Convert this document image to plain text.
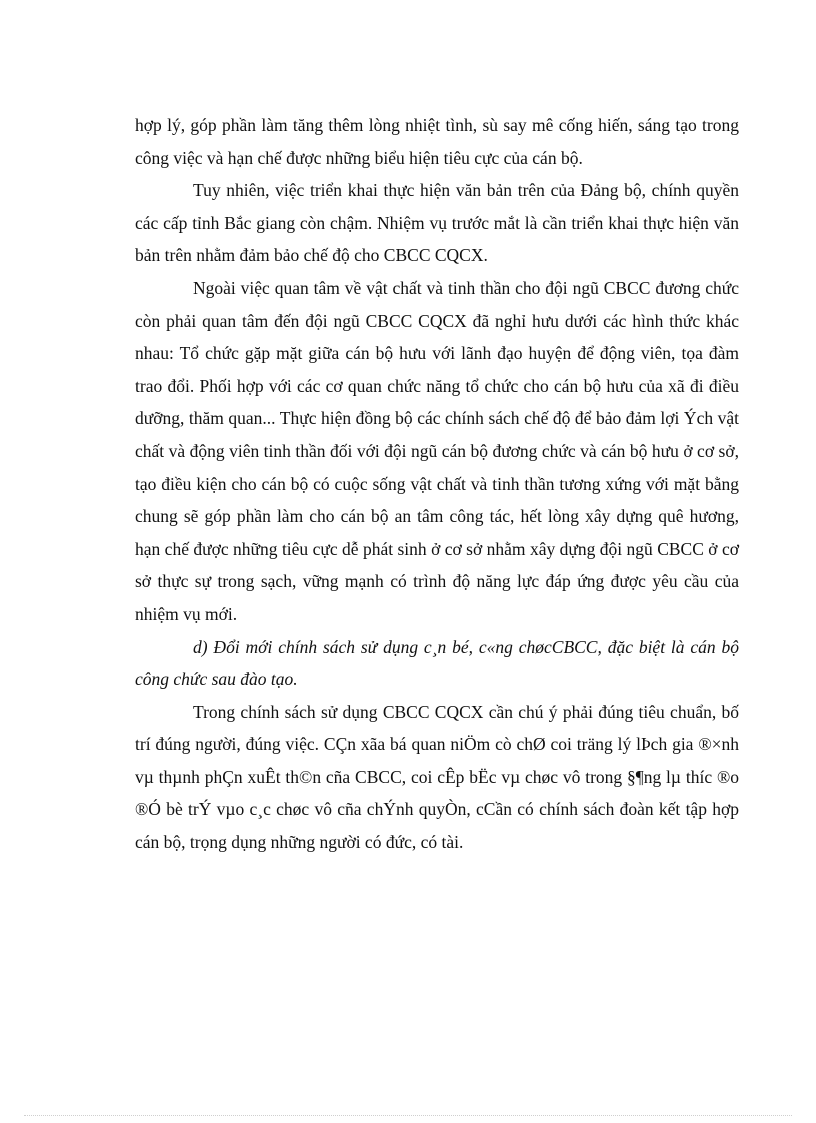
hợp lý, góp phần làm tăng thêm lòng nhiệt tình, sù say mê cống hiến, sáng tạo trong công việc và hạn chế được những biểu hiện tiêu cực của cán bộ.

Tuy nhiên, việc triển khai thực hiện văn bản trên của Đảng bộ, chính quyền các cấp tỉnh Bắc giang còn chậm. Nhiệm vụ trước mắt là cần triển khai thực hiện văn bản trên nhằm đảm bảo chế độ cho CBCC CQCX.

Ngoài việc quan tâm về vật chất và tinh thần cho đội ngũ CBCC đương chức còn phải quan tâm đến đội ngũ CBCC CQCX đã nghỉ hưu dưới các hình thức khác nhau: Tổ chức gặp mặt giữa cán bộ hưu với lãnh đạo huyện để động viên, tọa đàm trao đổi. Phối hợp với các cơ quan chức năng tổ chức cho cán bộ hưu của xã đi điều dưỡng, thăm quan... Thực hiện đồng bộ các chính sách chế độ để bảo đảm lợi Ých vật chất và động viên tinh thần đối với đội ngũ cán bộ đương chức và cán bộ hưu ở cơ sở, tạo điều kiện cho cán bộ có cuộc sống vật chất và tinh thần tương xứng với mặt bằng chung sẽ góp phần làm cho cán bộ an tâm công tác, hết lòng xây dựng quê hương, hạn chế được những tiêu cực dễ phát sinh ở cơ sở nhằm xây dựng đội ngũ CBCC ở cơ sở thực sự trong sạch, vững mạnh có trình độ năng lực đáp ứng được yêu cầu của nhiệm vụ mới.

d) Đổi mới chính sách sử dụng c¸n bé, c«ng chøcCBCC, đặc biệt là cán bộ công chức sau đào tạo.

Trong chính sách sử dụng CBCC CQCX cần chú ý phải đúng tiêu chuẩn, bố trí đúng người, đúng việc. CÇn xãa bá quan niÖm cò chØ coi träng lý lÞch gia ®×nh vµ thµnh phÇn xuÊt th©n cña CBCC, coi cÊp bËc vµ chøc vô trong §¶ng lµ thíc ®o ®Ó bè trÝ vµo c¸c chøc vô cña chÝnh quyÒn, cCần có chính sách đoàn kết tập hợp cán bộ, trọng dụng những người có đức, có tài.
